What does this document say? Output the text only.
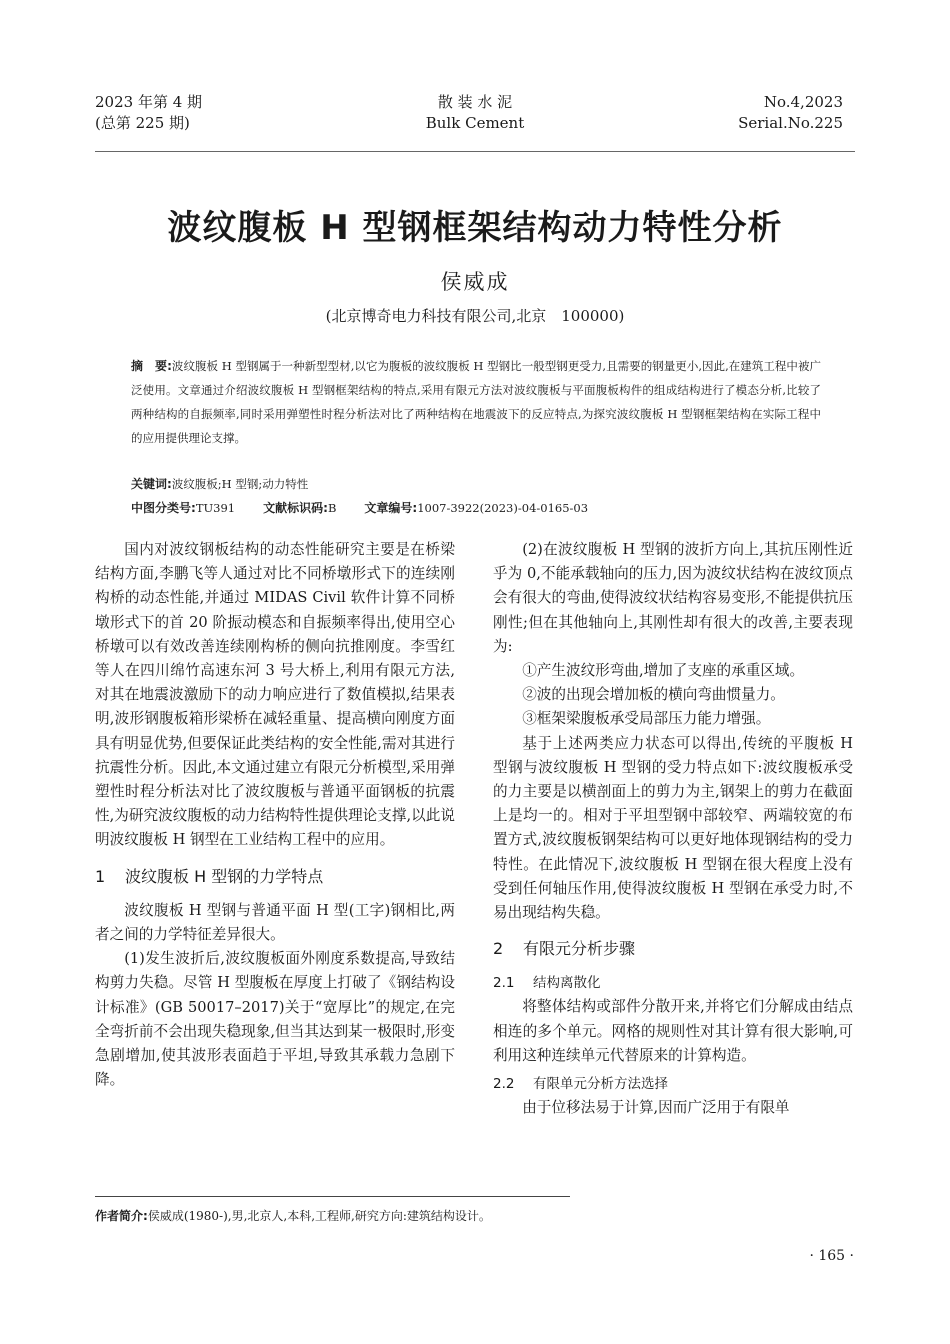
2023 年第 4 期
(总第 225 期)
散 装 水 泥
Bulk Cement
No.4,2023
Serial.No.225
波纹腹板 H 型钢框架结构动力特性分析
侯威成
(北京博奇电力科技有限公司,北京　100000)
摘　要:波纹腹板 H 型钢属于一种新型型材,以它为腹板的波纹腹板 H 型钢比一般型钢更受力,且需要的钢量更小,因此,在建筑工程中被广泛使用。文章通过介绍波纹腹板 H 型钢框架结构的特点,采用有限元方法对波纹腹板与平面腹板构件的组成结构进行了模态分析,比较了两种结构的自振频率,同时采用弹塑性时程分析法对比了两种结构在地震波下的反应特点,为探究波纹腹板 H 型钢框架结构在实际工程中的应用提供理论支撑。
关键词:波纹腹板;H 型钢;动力特性
中图分类号:TU391 文献标识码:B 文章编号:1007-3922(2023)-04-0165-03

国内对波纹钢板结构的动态性能研究主要是在桥梁结构方面,李鹏飞等人通过对比不同桥墩形式下的连续刚构桥的动态性能,并通过 MIDAS Civil 软件计算不同桥墩形式下的首 20 阶振动模态和自振频率得出,使用空心桥墩可以有效改善连续刚构桥的侧向抗推刚度。李雪红等人在四川绵竹高速东河 3 号大桥上,利用有限元方法,对其在地震波激励下的动力响应进行了数值模拟,结果表明,波形钢腹板箱形梁桥在减轻重量、提高横向刚度方面具有明显优势,但要保证此类结构的安全性能,需对其进行抗震性分析。因此,本文通过建立有限元分析模型,采用弹塑性时程分析法对比了波纹腹板与普通平面钢板的抗震性,为研究波纹腹板的动力结构特性提供理论支撑,以此说明波纹腹板 H 钢型在工业结构工程中的应用。

1 波纹腹板 H 型钢的力学特点

波纹腹板 H 型钢与普通平面 H 型(工字)钢相比,两者之间的力学特征差异很大。

(1)发生波折后,波纹腹板面外刚度系数提高,导致结构剪力失稳。尽管 H 型腹板在厚度上打破了《钢结构设计标准》(GB 50017–2017)关于“宽厚比”的规定,在完全弯折前不会出现失稳现象,但当其达到某一极限时,形变急剧增加,使其波形表面趋于平坦,导致其承载力急剧下降。

(2)在波纹腹板 H 型钢的波折方向上,其抗压刚性近乎为 0,不能承载轴向的压力,因为波纹状结构在波纹顶点会有很大的弯曲,使得波纹状结构容易变形,不能提供抗压刚性;但在其他轴向上,其刚性却有很大的改善,主要表现为:

①产生波纹形弯曲,增加了支座的承重区域。

②波的出现会增加板的横向弯曲惯量力。

③框架梁腹板承受局部压力能力增强。

基于上述两类应力状态可以得出,传统的平腹板 H 型钢与波纹腹板 H 型钢的受力特点如下:波纹腹板承受的力主要是以横剖面上的剪力为主,钢架上的剪力在截面上是均一的。相对于平坦型钢中部较窄、两端较宽的布置方式,波纹腹板钢架结构可以更好地体现钢结构的受力特性。在此情况下,波纹腹板 H 型钢在很大程度上没有受到任何轴压作用,使得波纹腹板 H 型钢在承受力时,不易出现结构失稳。

2 有限元分析步骤
2.1 结构离散化

将整体结构或部件分散开来,并将它们分解成由结点相连的多个单元。网格的规则性对其计算有很大影响,可利用这种连续单元代替原来的计算构造。

2.2 有限单元分析方法选择

由于位移法易于计算,因而广泛用于有限单

作者简介:侯威成(1980-),男,北京人,本科,工程师,研究方向:建筑结构设计。
· 165 ·
